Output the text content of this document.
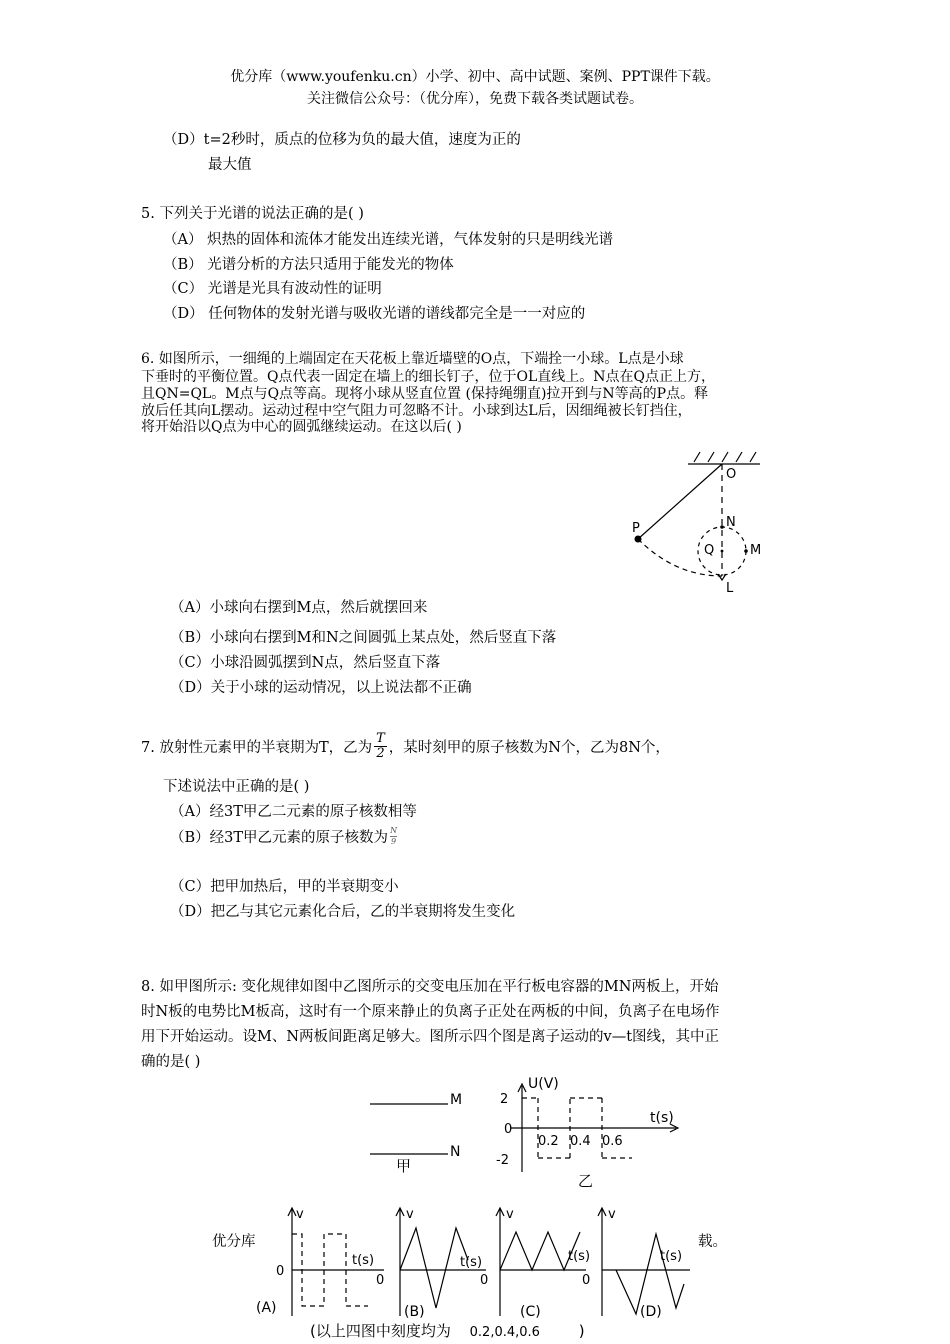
优分库（www.youfenku.cn）小学、初中、高中试题、案例、PPT课件下载。
关注微信公众号：（优分库），免费下载各类试题试卷。
（D）t=2秒时，质点的位移为负的最大值，速度为正的
最大值
5. 下列关于光谱的说法正确的是( )
（A） 炽热的固体和流体才能发出连续光谱，气体发射的只是明线光谱
（B） 光谱分析的方法只适用于能发光的物体
（C） 光谱是光具有波动性的证明
（D） 任何物体的发射光谱与吸收光谱的谱线都完全是一一对应的
6. 如图所示，一细绳的上端固定在天花板上靠近墙壁的O点，下端拴一小球。L点是小球
下垂时的平衡位置。Q点代表一固定在墙上的细长钉子，位于OL直线上。N点在Q点正上方，
且QN=QL。M点与Q点等高。现将小球从竖直位置 (保持绳绷直)拉开到与N等高的P点。释
放后任其向L摆动。运动过程中空气阻力可忽略不计。小球到达L后，因细绳被长钉挡住，
将开始沿以Q点为中心的圆弧继续运动。在这以后( )
O
N
Q	M
P
L
（A）小球向右摆到M点，然后就摆回来
（B）小球向右摆到M和N之间圆弧上某点处，然后竖直下落
（C）小球沿圆弧摆到N点，然后竖直下落
（D）关于小球的运动情况，以上说法都不正确
7. 放射性元素甲的半衰期为T，乙为 $\frac{T}{2}$ ，某时刻甲的原子核数为N个，乙为8N个，
下述说法中正确的是( )
（A）经3T甲乙二元素的原子核数相等
（B）经3T甲乙元素的原子核数为 $\frac{N}{9}$
（C）把甲加热后，甲的半衰期变小
（D）把乙与其它元素化合后，乙的半衰期将发生变化
8. 如甲图所示: 变化规律如图中乙图所示的交变电压加在平行板电容器的MN两板上，开始
时N板的电势比M板高，这时有一个原来静止的负离子正处在两板的中间，负离子在电场作
用下开始运动。设M、N两板间距离足够大。图所示四个图是离子运动的v—t图线，其中正
确的是( )
M
N
甲
U(V)
t(s)
2
0
-2
0.2 0.4 0.6
乙
优分库	载。
v
t(s)
0
0
(A)
v
t(s)
0
(B)
v
t(s)
0
(C)
v
t(s)
(D)
(以上四图中刻度均为 0.2,0.4,0.6	)
